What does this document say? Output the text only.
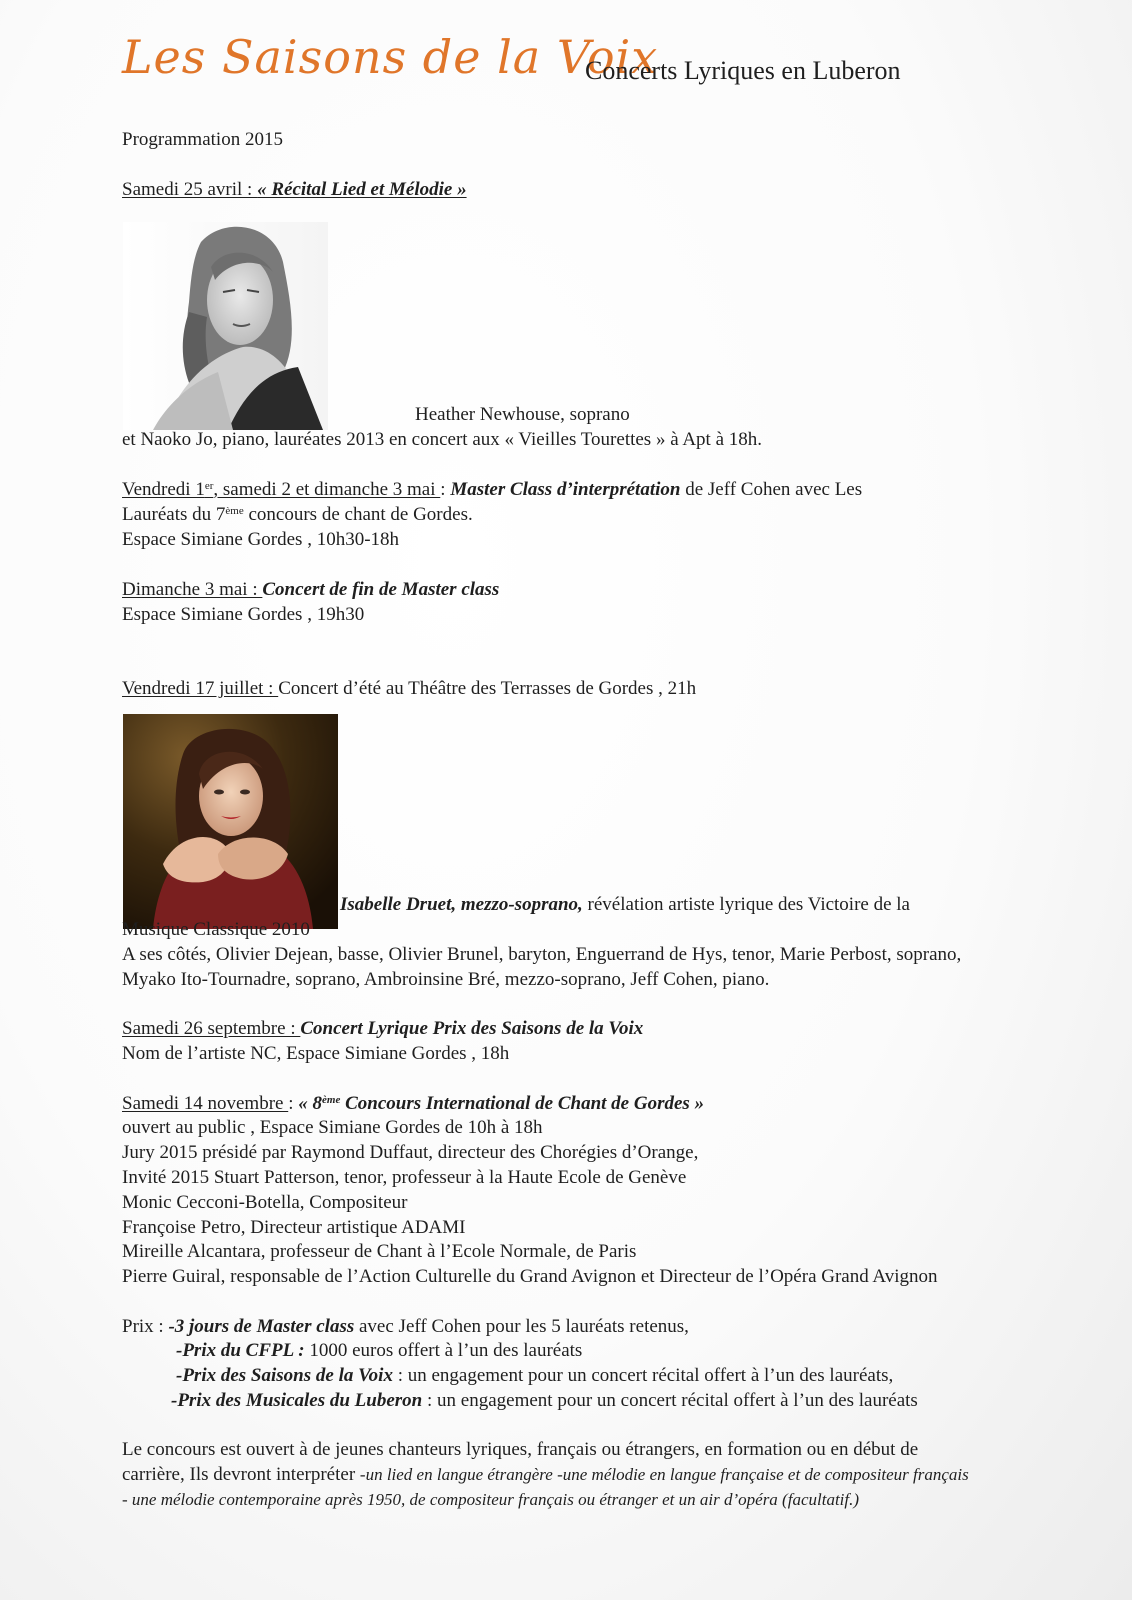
Les Saisons de la Voix
Concerts Lyriques en Luberon
Programmation 2015
Samedi 25 avril : « Récital Lied et Mélodie »
Heather Newhouse, soprano
et Naoko Jo, piano, lauréates 2013 en concert aux « Vieilles Tourettes » à Apt à 18h.
Vendredi 1er, samedi 2 et dimanche 3 mai : Master Class d’interprétation de Jeff Cohen avec Les
Lauréats du 7ème concours de chant de Gordes.
Espace Simiane Gordes , 10h30-18h
Dimanche 3 mai : Concert de fin de Master class
Espace Simiane Gordes , 19h30
Vendredi 17 juillet : Concert d’été au Théâtre des Terrasses de Gordes , 21h
Isabelle Druet, mezzo-soprano, révélation artiste lyrique des Victoire de la
Musique Classique 2010
A ses côtés, Olivier Dejean, basse, Olivier Brunel, baryton, Enguerrand de Hys, tenor, Marie Perbost, soprano,
Myako Ito-Tournadre, soprano, Ambroinsine Bré, mezzo-soprano, Jeff Cohen, piano.
Samedi 26 septembre : Concert Lyrique Prix des Saisons de la Voix
Nom de l’artiste NC, Espace Simiane Gordes , 18h
Samedi 14 novembre : « 8ème Concours International de Chant de Gordes »
ouvert au public , Espace Simiane Gordes de 10h à 18h
Jury 2015 présidé par Raymond Duffaut, directeur des Chorégies d’Orange,
Invité 2015 Stuart Patterson, tenor, professeur à la Haute Ecole de Genève
Monic Cecconi-Botella, Compositeur
Françoise Petro, Directeur artistique ADAMI
Mireille Alcantara, professeur de Chant à l’Ecole Normale, de Paris
Pierre Guiral, responsable de l’Action Culturelle du Grand Avignon et Directeur de l’Opéra Grand Avignon
Prix : -3 jours de Master class avec Jeff Cohen pour les 5 lauréats retenus,
-Prix du CFPL : 1000 euros offert à l’un des lauréats
-Prix des Saisons de la Voix : un engagement pour un concert récital offert à l’un des lauréats,
-Prix des Musicales du Luberon : un engagement pour un concert récital offert à l’un des lauréats
Le concours est ouvert à de jeunes chanteurs lyriques, français ou étrangers, en formation ou en début de
carrière, Ils devront interpréter -un lied en langue étrangère -une mélodie en langue française et de compositeur français
- une mélodie contemporaine après 1950, de compositeur français ou étranger et un air d’opéra (facultatif.)
